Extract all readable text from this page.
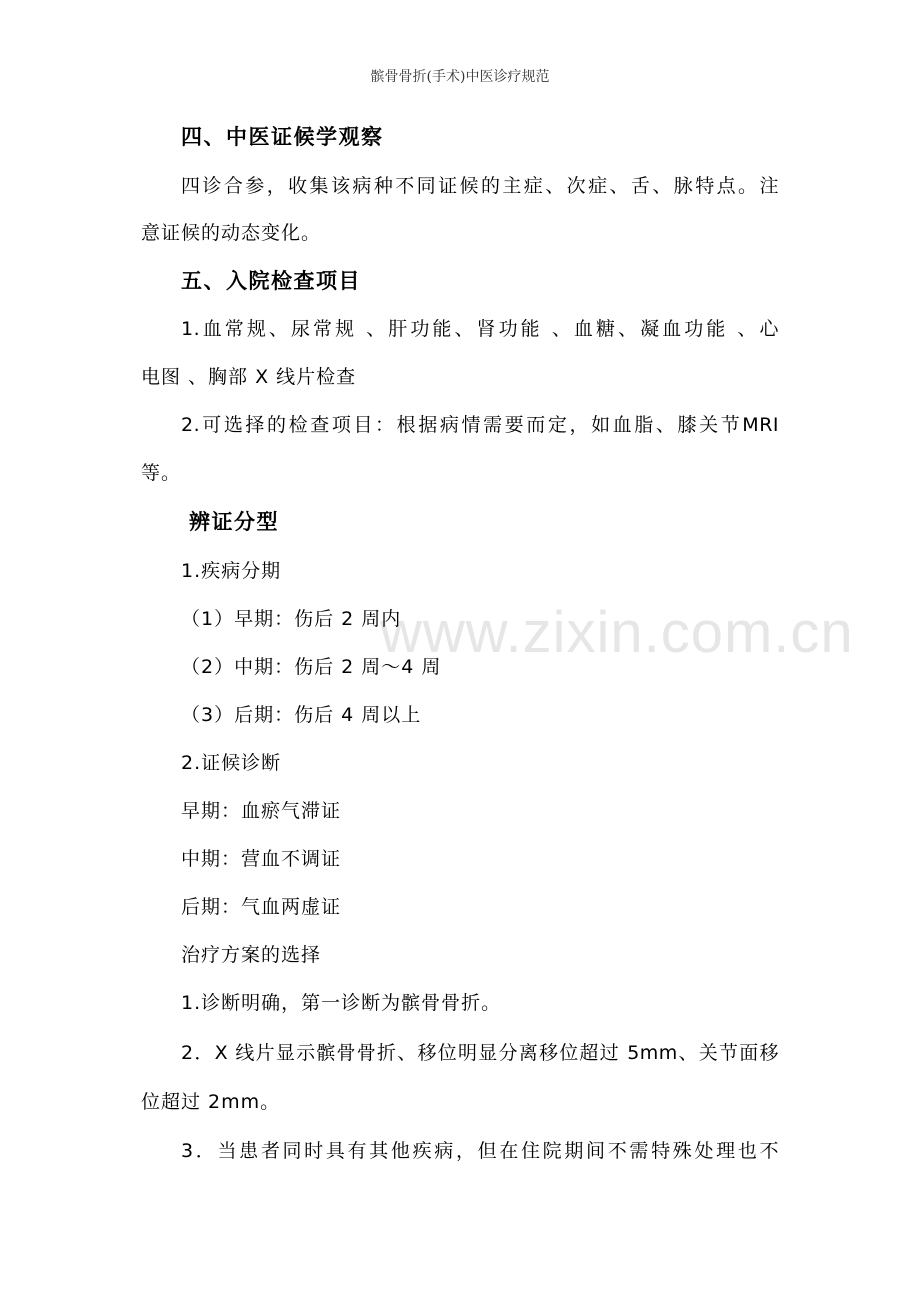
髌骨骨折(手术)中医诊疗规范
www.zixin.com.cn
四、中医证候学观察
四诊合参，收集该病种不同证候的主症、次症、舌、脉特点。注
意证候的动态变化。
五、入院检查项目
1.血常规、尿常规 、肝功能、肾功能 、血糖、凝血功能 、心
电图 、胸部 X 线片检查
2.可选择的检查项目：根据病情需要而定，如血脂、膝关节MRI
等。
辨证分型
1.疾病分期
（1）早期：伤后 2 周内
（2）中期：伤后 2 周～4 周
（3）后期：伤后 4 周以上
2.证候诊断
早期：血瘀气滞证
中期：营血不调证
后期：气血两虚证
治疗方案的选择
1.诊断明确，第一诊断为髌骨骨折。
2．X 线片显示髌骨骨折、移位明显分离移位超过 5mm、关节面移
位超过 2mm。
3．当患者同时具有其他疾病，但在住院期间不需特殊处理也不
